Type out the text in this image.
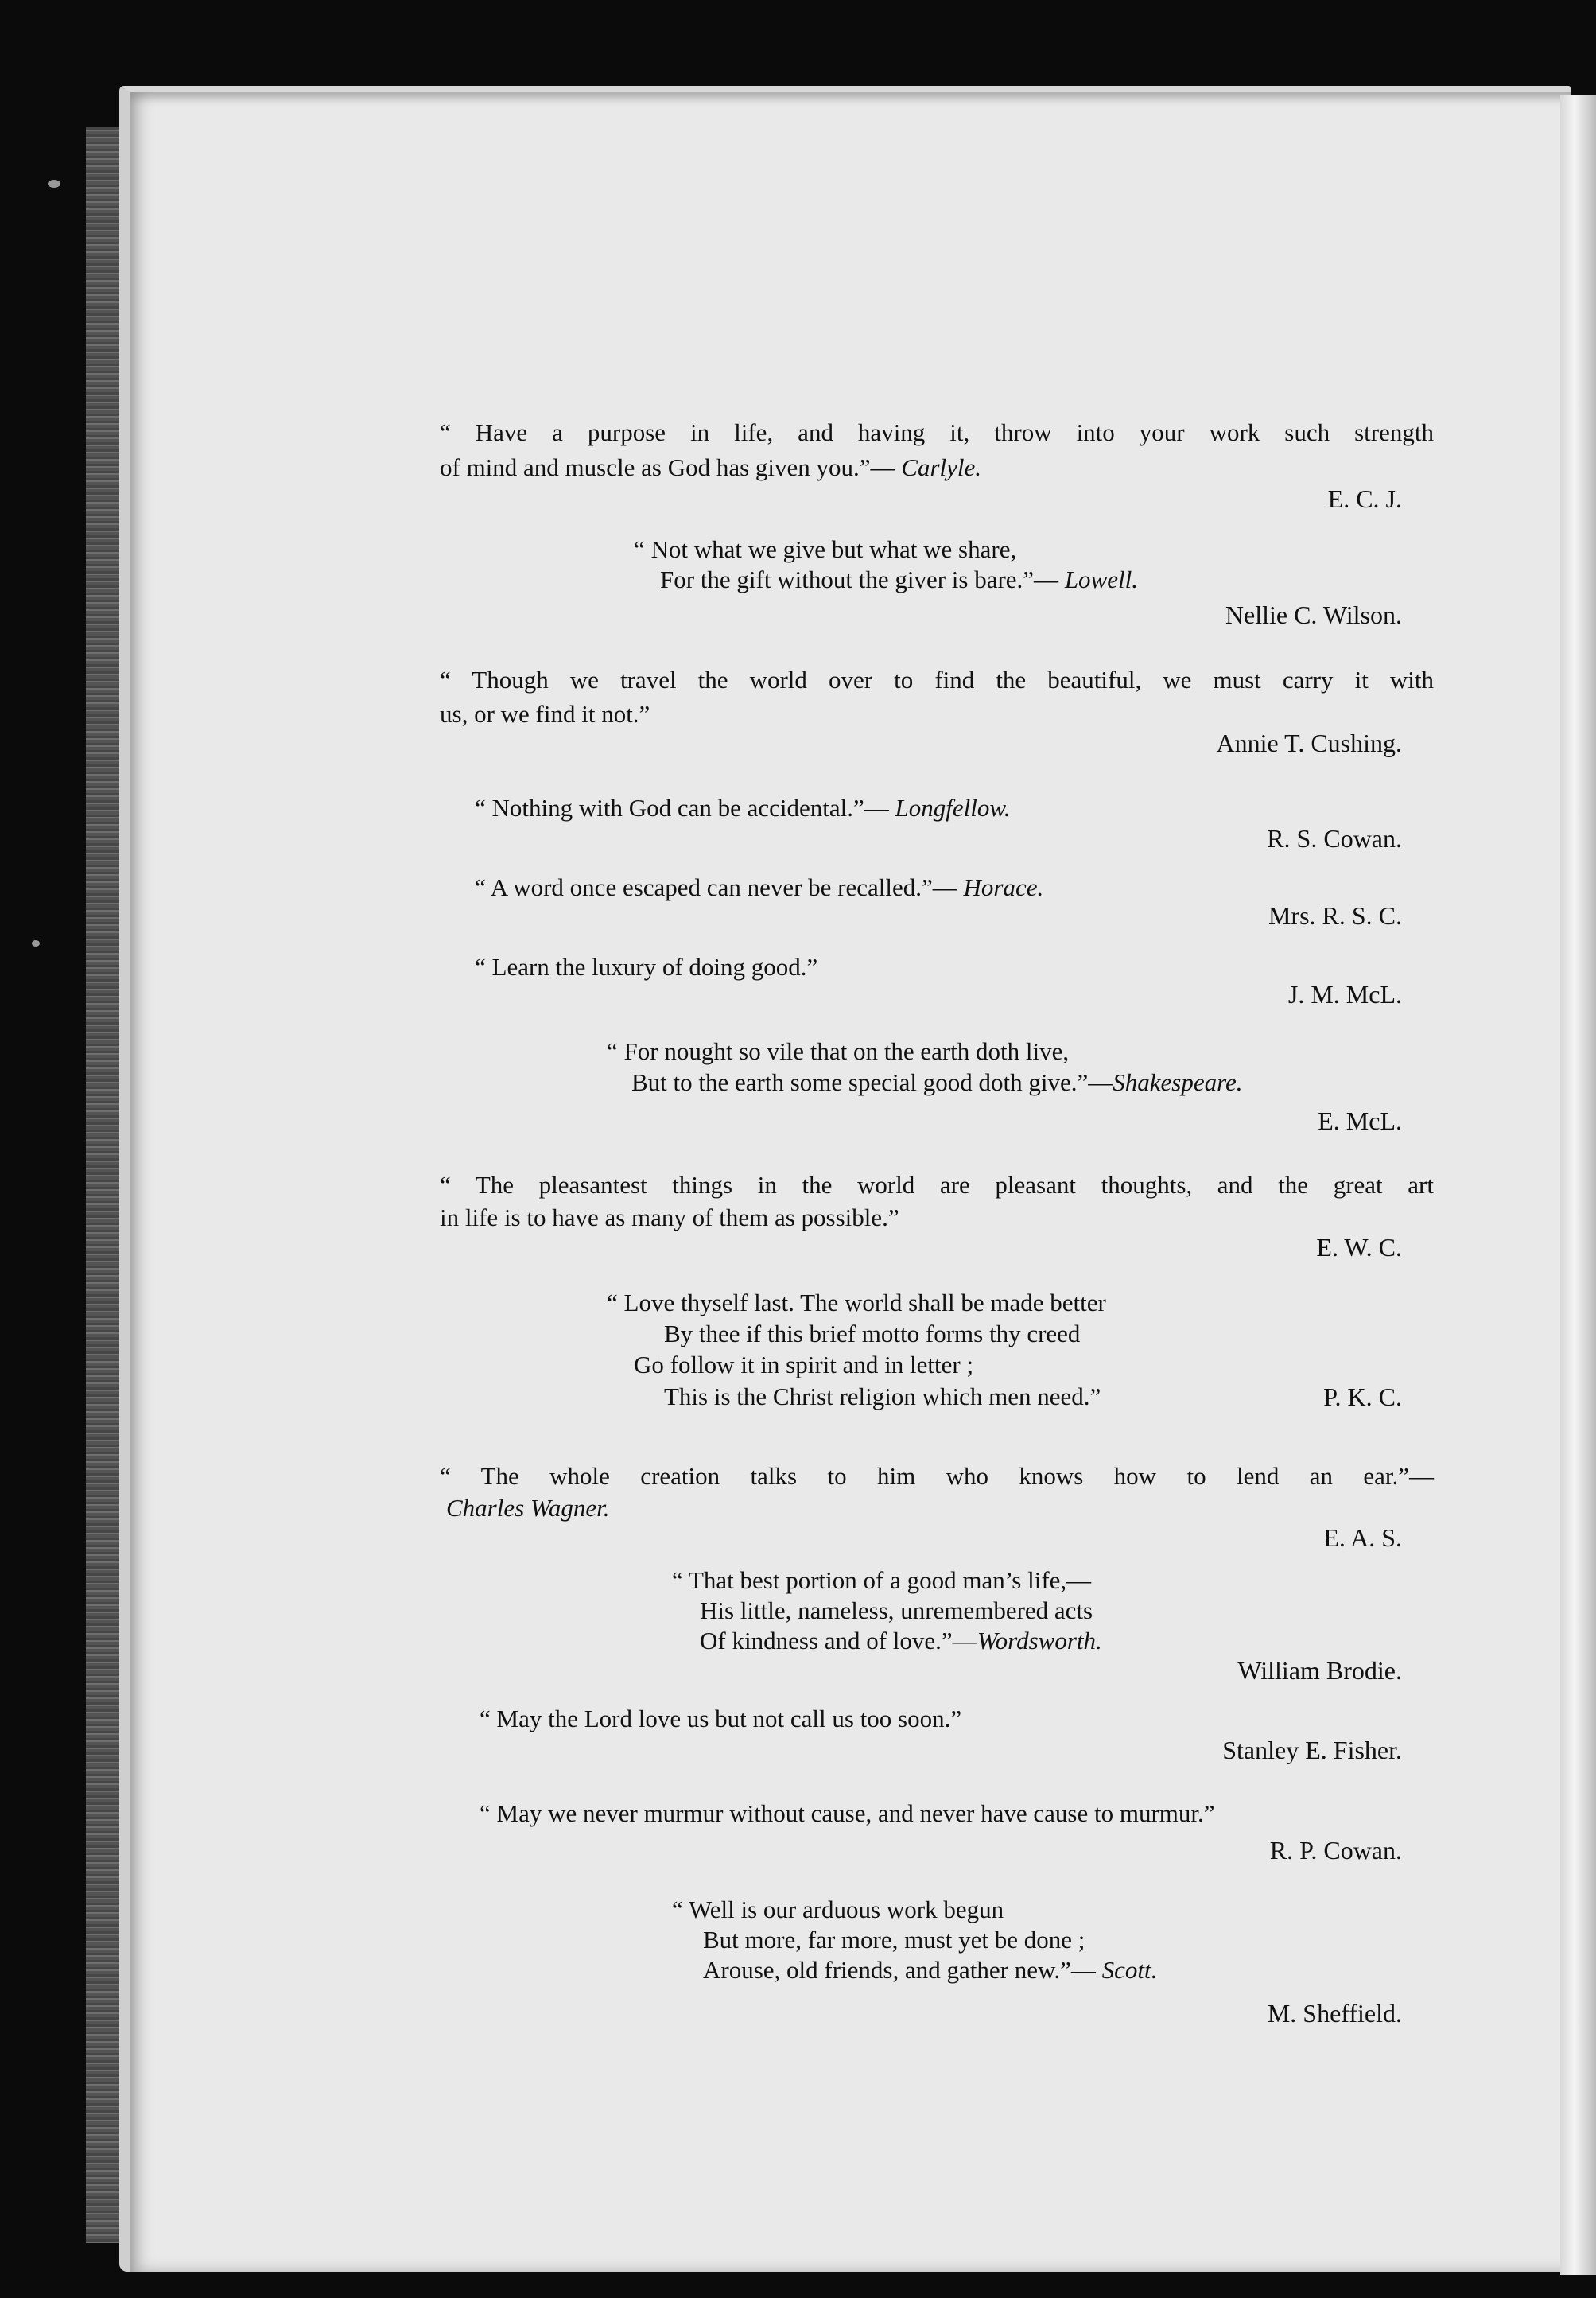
“ Have a purpose in life, and having it, throw into your work such strength
of mind and muscle as God has given you.”— Carlyle.
E. C. J.
“ Not what we give but what we share,
For the gift without the giver is bare.”— Lowell.
Nellie C. Wilson.
“ Though we travel the world over to find the beautiful, we must carry it with
us, or we find it not.”
Annie T. Cushing.
“ Nothing with God can be accidental.”— Longfellow.
R. S. Cowan.
“ A word once escaped can never be recalled.”— Horace.
Mrs. R. S. C.
“ Learn the luxury of doing good.”
J. M. McL.
“ For nought so vile that on the earth doth live,
But to the earth some special good doth give.”—Shakespeare.
E. McL.
“ The pleasantest things in the world are pleasant thoughts, and the great art
in life is to have as many of them as possible.”
E. W. C.
“ Love thyself last. The world shall be made better
By thee if this brief motto forms thy creed
Go follow it in spirit and in letter ;
This is the Christ religion which men need.”	P. K. C.
“ The whole creation talks to him who knows how to lend an ear.”—
Charles Wagner.
E. A. S.
“ That best portion of a good man’s life,—
His little, nameless, unremembered acts
Of kindness and of love.”—Wordsworth.
William Brodie.
“ May the Lord love us but not call us too soon.”
Stanley E. Fisher.
“ May we never murmur without cause, and never have cause to murmur.”
R. P. Cowan.
“ Well is our arduous work begun
But more, far more, must yet be done ;
Arouse, old friends, and gather new.”— Scott.
M. Sheffield.
